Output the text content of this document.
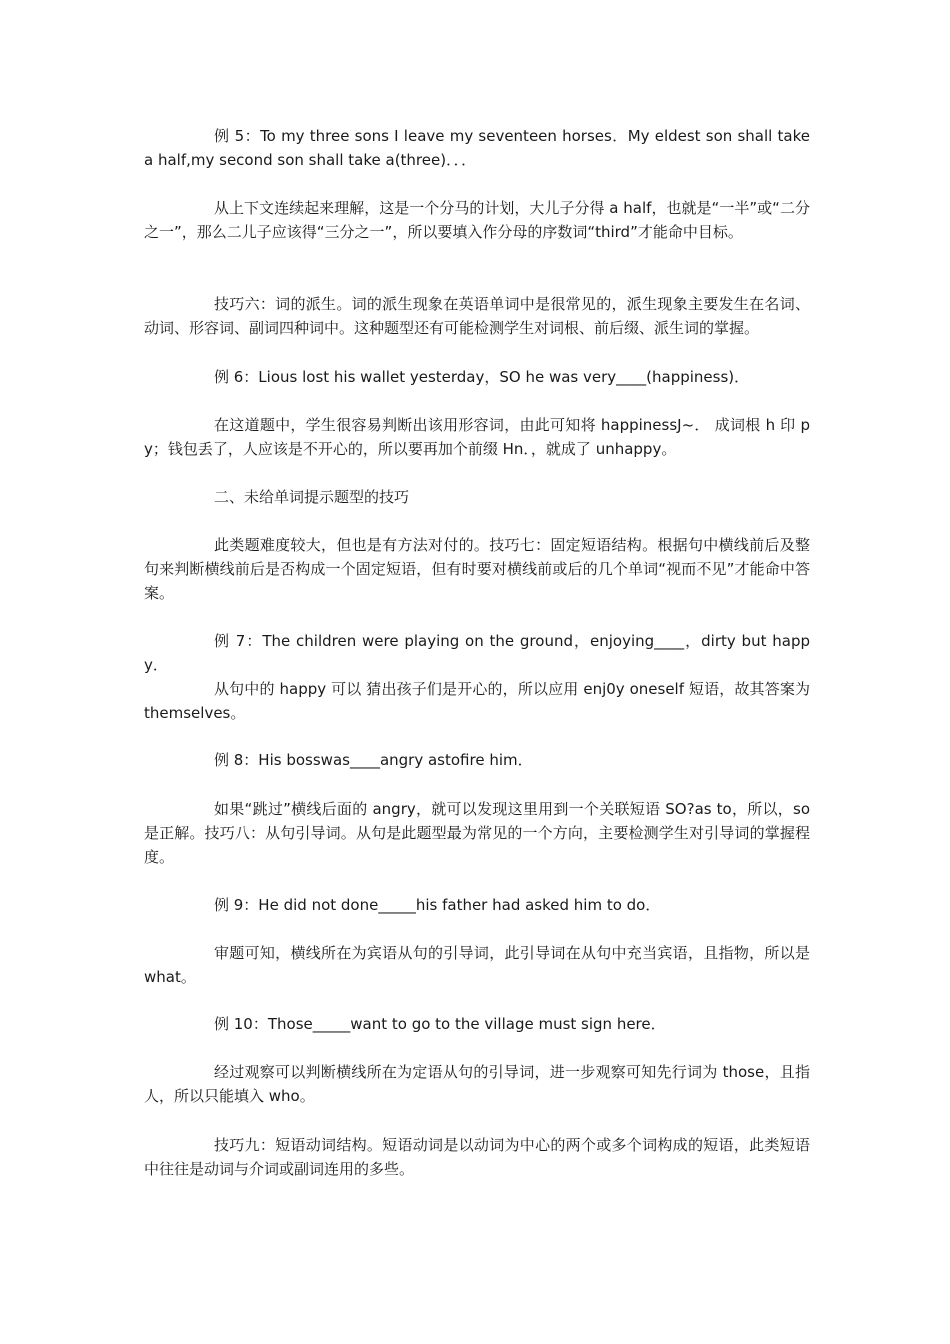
例 5：To my three sons I leave my seventeen horses．My eldest son shall take a half,my second son shall take a(three)．．．

从上下文连续起来理解，这是一个分马的计划，大儿子分得 a half，也就是“一半”或“二分之一”，那么二儿子应该得“三分之一”，所以要填入作分母的序数词“third”才能命中目标。

技巧六：词的派生。词的派生现象在英语单词中是很常见的，派生现象主要发生在名词、动词、形容词、副词四种词中。这种题型还有可能检测学生对词根、前后缀、派生词的掌握。

例 6：Lious lost his wallet yesterday，SO he was very____(happiness)．

在这道题中，学生很容易判断出该用形容词，由此可知将 happinessJ~． 成词根 h 印 py；钱包丢了，人应该是不开心的，所以要再加个前缀 Hn．，就成了 unhappy。

二、未给单词提示题型的技巧

此类题难度较大，但也是有方法对付的。技巧七：固定短语结构。根据句中横线前后及整句来判断横线前后是否构成一个固定短语，但有时要对横线前或后的几个单词“视而不见”才能命中答案。

例 7：The children were playing on the ground，enjoying____，dirty but happy．

从句中的 happy 可以 猜出孩子们是开心的，所以应用 enj0y oneself 短语，故其答案为 themselves。

例 8：His bosswas____angry astofire him．

如果“跳过”横线后面的 angry，就可以发现这里用到一个关联短语 SO?as to，所以，so 是正解。技巧八：从句引导词。从句是此题型最为常见的一个方向，主要检测学生对引导词的掌握程度。

例 9：He did not done_____his father had asked him to do．

审题可知，横线所在为宾语从句的引导词，此引导词在从句中充当宾语，且指物，所以是 what。

例 10：Those_____want to go to the village must sign here．

经过观察可以判断横线所在为定语从句的引导词，进一步观察可知先行词为 those，且指人，所以只能填入 who。

技巧九：短语动词结构。短语动词是以动词为中心的两个或多个词构成的短语，此类短语中往往是动词与介词或副词连用的多些。
